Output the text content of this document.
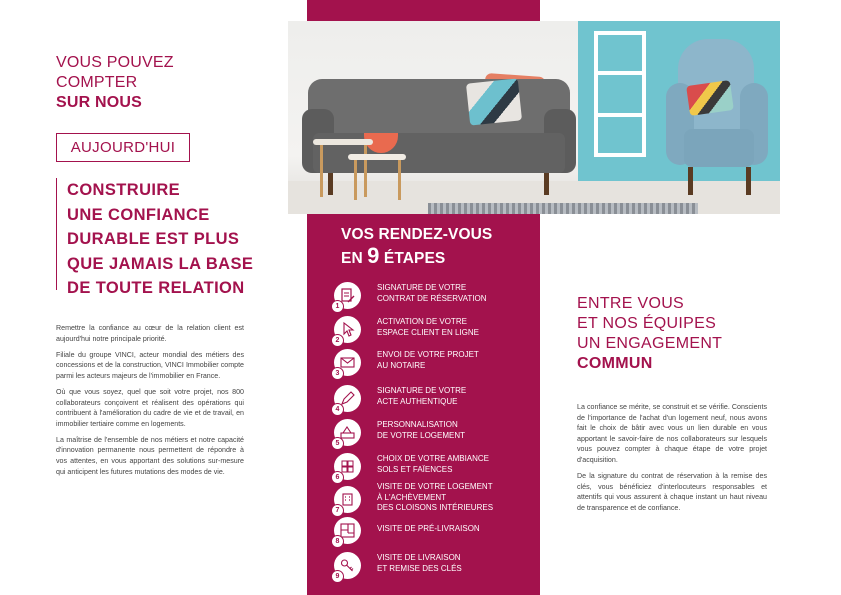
VOUS POUVEZ
COMPTER
SUR NOUS
AUJOURD'HUI
CONSTRUIRE
UNE CONFIANCE
DURABLE EST PLUS
QUE JAMAIS LA BASE
DE TOUTE RELATION

Remettre la confiance au cœur de la relation client est aujourd'hui notre principale priorité.

Filiale du groupe VINCI, acteur mondial des métiers des concessions et de la construction, VINCI Immobilier compte parmi les acteurs majeurs de l'immobilier en France.

Où que vous soyez, quel que soit votre projet, nos 800 collaborateurs conçoivent et réalisent des opérations qui contribuent à l'amélioration du cadre de vie et de travail, en immobilier tertiaire comme en logements.

La maîtrise de l'ensemble de nos métiers et notre capacité d'innovation permanente nous permettent de répondre à vos attentes, en vous apportant des solutions sur-mesure qui anticipent les futures mutations des modes de vie.

VOS RENDEZ-VOUS
EN 9 ÉTAPES
1
SIGNATURE DE VOTRE
CONTRAT DE RÉSERVATION
2
ACTIVATION DE VOTRE
ESPACE CLIENT EN LIGNE
3
ENVOI DE VOTRE PROJET
AU NOTAIRE
4
SIGNATURE DE VOTRE
ACTE AUTHENTIQUE
5
PERSONNALISATION
DE VOTRE LOGEMENT
6
CHOIX DE VOTRE AMBIANCE
SOLS ET FAÏENCES
7
VISITE DE VOTRE LOGEMENT
À L'ACHÈVEMENT
DES CLOISONS INTÉRIEURES
8
VISITE DE PRÉ-LIVRAISON
9
VISITE DE LIVRAISON
ET REMISE DES CLÉS
ENTRE VOUS
ET NOS ÉQUIPES
UN ENGAGEMENT
COMMUN

La confiance se mérite, se construit et se vérifie. Conscients de l'importance de l'achat d'un logement neuf, nous avons fait le choix de bâtir avec vous un lien durable en vous apportant le savoir-faire de nos collaborateurs sur lesquels vous pouvez compter à chaque étape de votre projet d'acquisition.

De la signature du contrat de réservation à la remise des clés, vous bénéficiez d'interlocuteurs responsables et attentifs qui vous assurent à chaque instant un haut niveau de transparence et de confiance.
